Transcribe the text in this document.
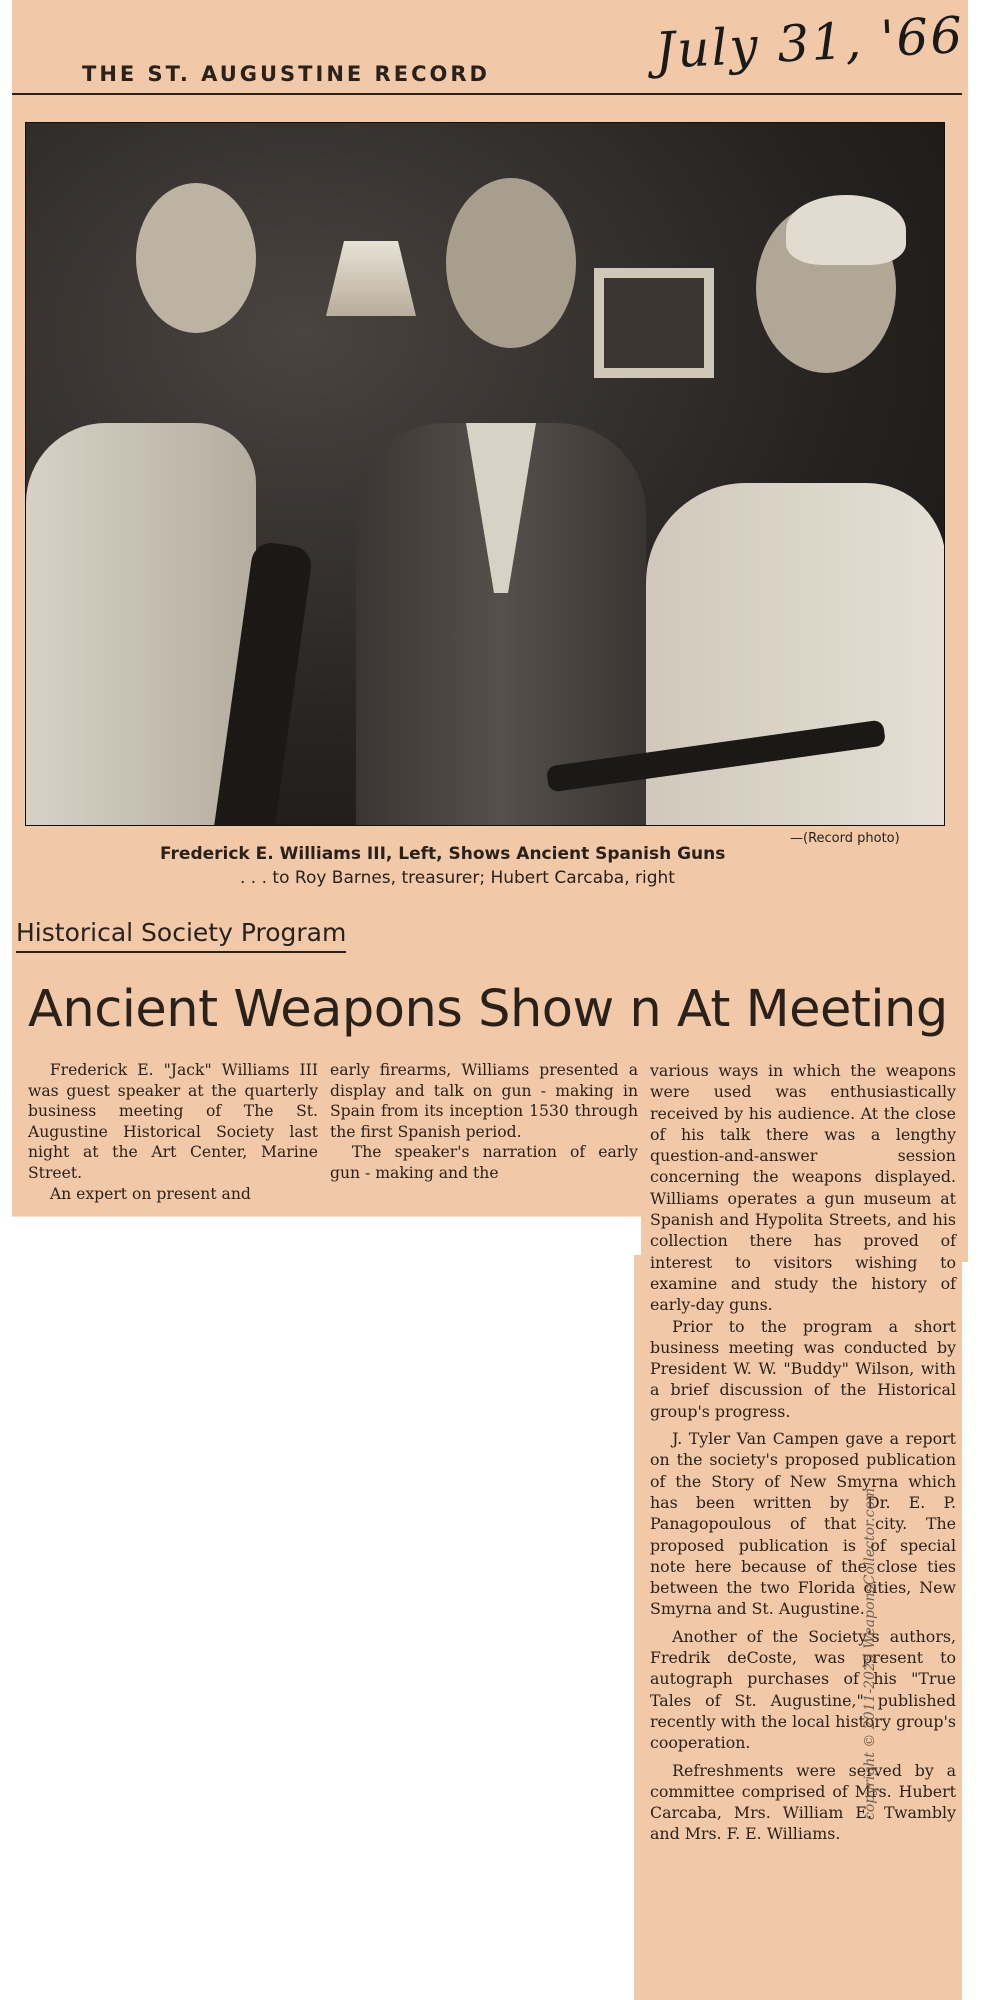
THE ST. AUGUSTINE RECORD	July 31, '66
—(Record photo)
Frederick E. Williams III, Left, Shows Ancient Spanish Guns
. . . to Roy Barnes, treasurer; Hubert Carcaba, right
Historical Society Program
Ancient Weapons Show n At Meeting

Frederick E. "Jack" Williams III was guest speaker at the quarterly business meeting of The St. Augustine Historical Society last night at the Art Center, Marine Street.

An expert on present and

early firearms, Williams presented a display and talk on gun - making in Spain from its inception 1530 through the first Spanish period.

The speaker's narration of early gun - making and the

various ways in which the weapons were used was enthusiastically received by his audience. At the close of his talk there was a lengthy question-and-answer session concerning the weapons displayed. Williams operates a gun museum at Spanish and Hypolita Streets, and his collection there has proved of interest to visitors wishing to examine and study the history of early-day guns.

Prior to the program a short business meeting was conducted by President W. W. "Buddy" Wilson, with a brief discussion of the Historical group's progress.

J. Tyler Van Campen gave a report on the society's proposed publication of the Story of New Smyrna which has been written by Dr. E. P. Panagopoulous of that city. The proposed publication is of special note here because of the close ties between the two Florida cities, New Smyrna and St. Augustine.

Another of the Society's authors, Fredrik deCoste, was present to autograph purchases of his "True Tales of St. Augustine," published recently with the local history group's cooperation.

Refreshments were served by a committee comprised of Mrs. Hubert Carcaba, Mrs. William E. Twambly and Mrs. F. E. Williams.

copyright © 2011-2025 WeaponsCollector.com
